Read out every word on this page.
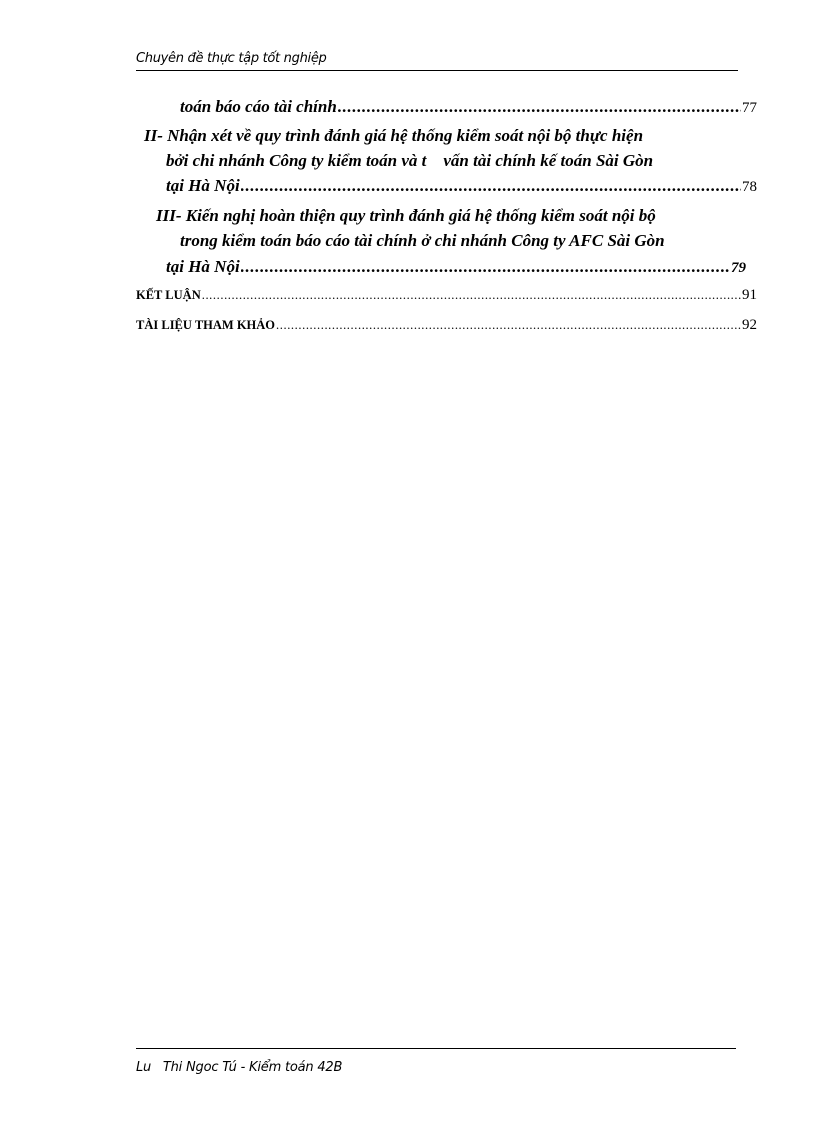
Chuyên đề thực tập tốt nghiệp
toán báo cáo tài chính .....	77
II- Nhận xét về quy trình đánh giá hệ thống kiểm soát nội bộ thực hiện
bởi chi nhánh Công ty kiểm toán và t    vấn tài chính kế toán Sài Gòn
tại Hà Nội .....	78
III- Kiến nghị hoàn thiện quy trình đánh giá hệ thống kiểm soát nội bộ
trong kiểm toán báo cáo tài chính ở chi nhánh Công ty AFC Sài Gòn
tại Hà Nội .....	79
KẾT LUẬN .....	91
TÀI LIỆU THAM KHẢO .....	92
Lu   Thi Ngoc Tú - Kiểm toán 42B
